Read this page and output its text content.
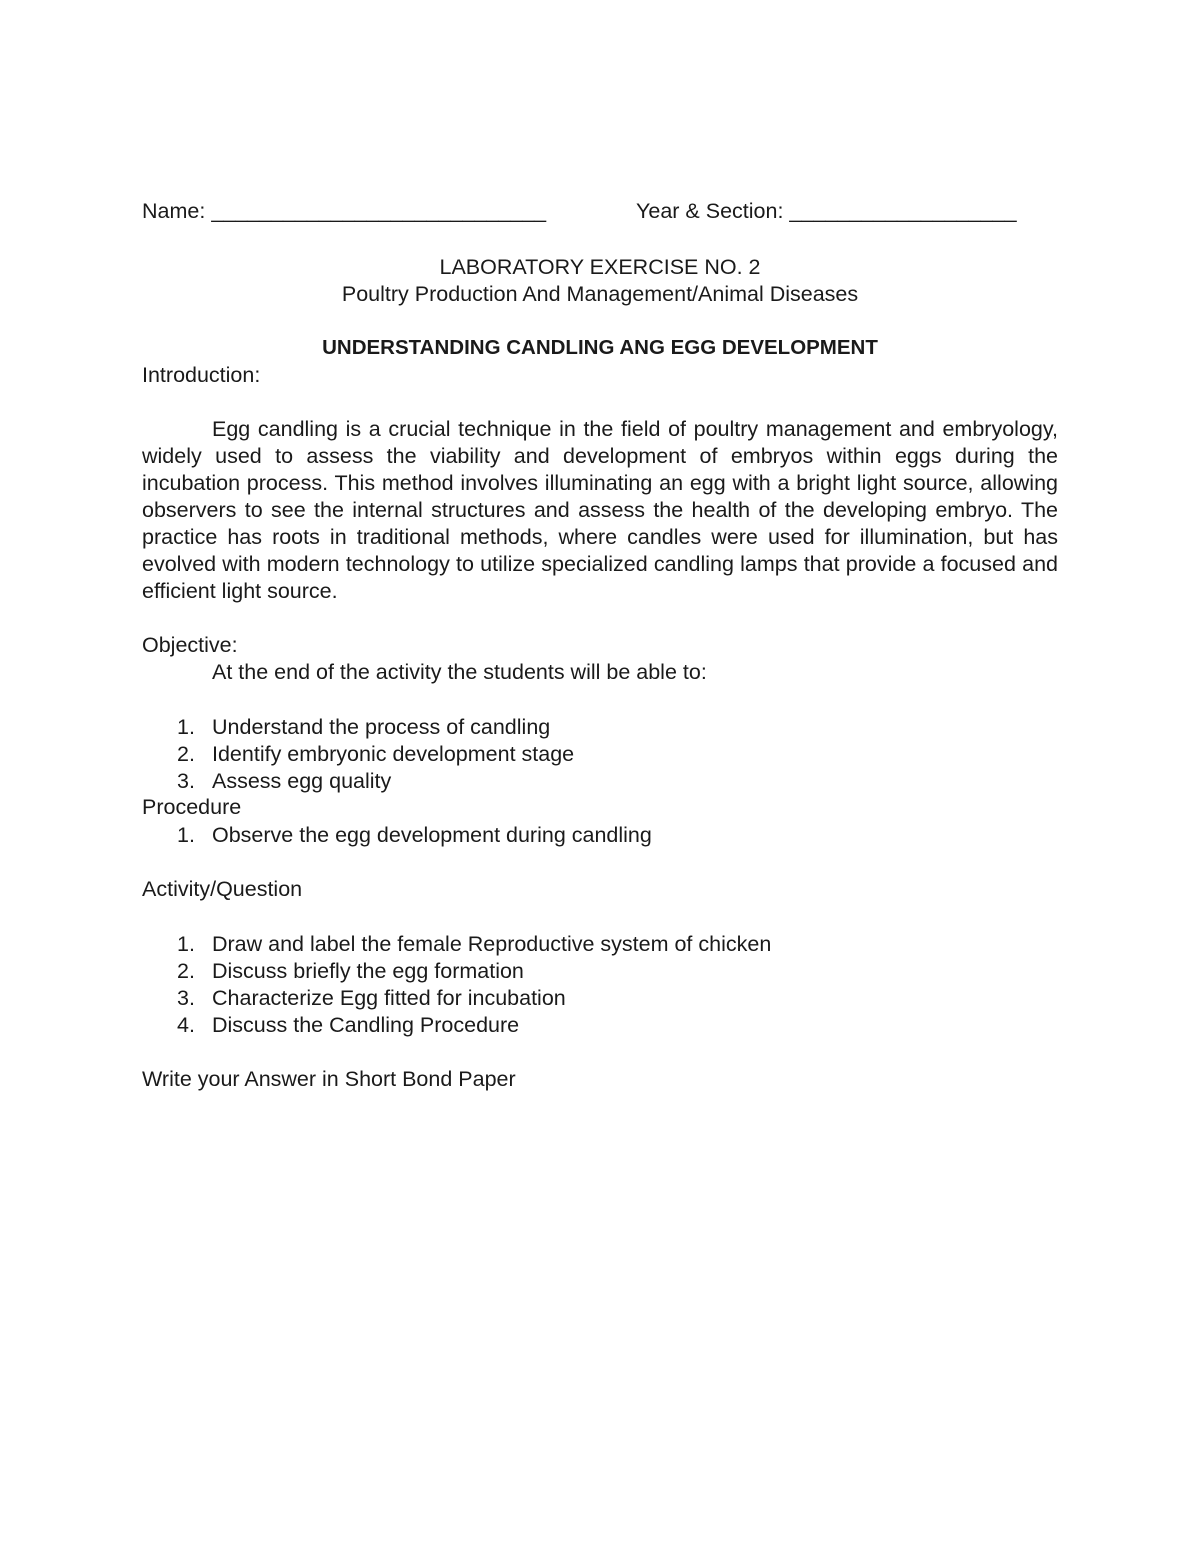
Name: ____________________________	Year & Section: ___________________
LABORATORY EXERCISE NO. 2
Poultry Production And Management/Animal Diseases
UNDERSTANDING CANDLING ANG EGG DEVELOPMENT
Introduction:
Egg candling is a crucial technique in the field of poultry management and embryology, widely used to assess the viability and development of embryos within eggs during the incubation process. This method involves illuminating an egg with a bright light source, allowing observers to see the internal structures and assess the health of the developing embryo. The practice has roots in traditional methods, where candles were used for illumination, but has evolved with modern technology to utilize specialized candling lamps that provide a focused and efficient light source.
Objective:
At the end of the activity the students will be able to:
1. Understand the process of candling
2. Identify embryonic development stage
3. Assess egg quality
Procedure
1. Observe the egg development during candling
Activity/Question
1. Draw and label the female Reproductive system of chicken
2. Discuss briefly the egg formation
3. Characterize Egg fitted for incubation
4. Discuss the Candling Procedure
Write your Answer in Short Bond Paper
